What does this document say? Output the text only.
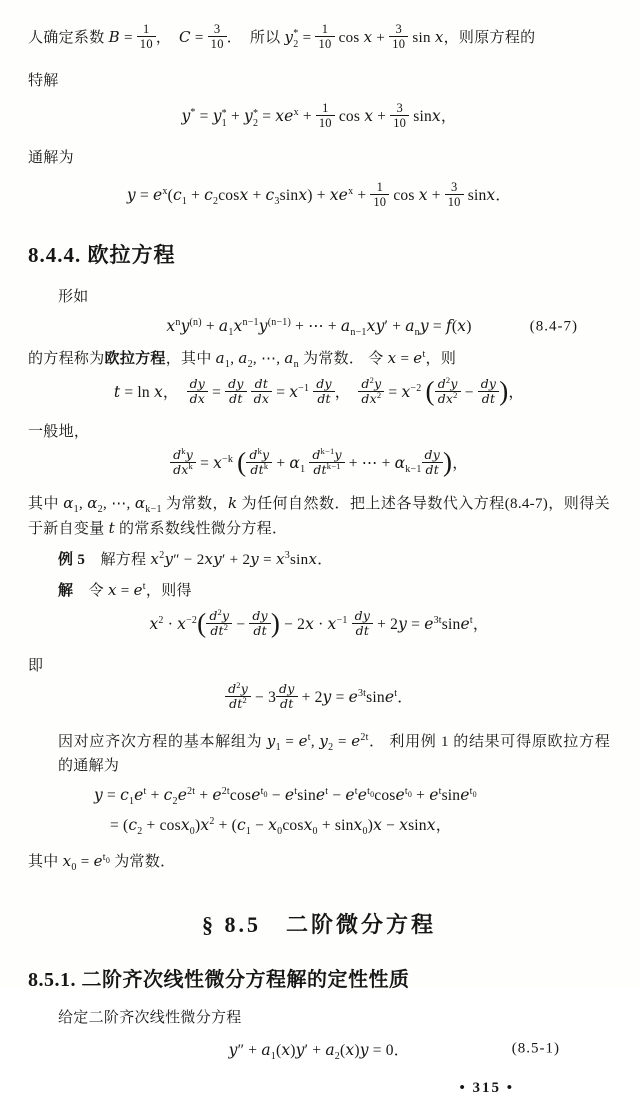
人确定系数 $B = \frac{1}{10}$ ，　$C = \frac{3}{10}$ ．　所以 y *
$2 = \frac{1}{10}$ $\cos x + \frac{3}{10}$ sin x，则原方程的

特解

y* = y *
1 + y *
$2 = xe^x + \frac{1}{10}$ $\cos x + \frac{3}{10}$ sinx，

通解为

$y = e^x(c_1 + c_2\cos x + c_3\sin x) + xe^x + \frac{1}{10}$ $\cos x + \frac{3}{10}$ sinx．
8.4.4. 欧拉方程

形如

$x^ny^{(n)} + a_1x^{n-1}y^{(n-1)}$ + ⋯ + $a_{n-1}xy' + a_ny = f(x)$	(8.4-7)

的方程称为欧拉方程，其中 $a_1$, $a_2$, ⋯, $a_n$ 为常数． 令 $x = e^t$，则

t = ln x，　 $\frac{dy}{dx} = \frac{dy}{dt}$
$\frac{dt}{dx} = x^{-1} \frac{dy}{dt}$ ，　 $\frac{d^2y}{dx^2} = x^{-2}$ ( $\frac{d^2y}{dx^2} - \frac{dy}{dt}$ )，

一般地，

$d^ky$
$dx^k = x^{-k}$ ( $d^ky$
$dt^k + \alpha_1$
$d^{k-1}y$
$dt^{k-1}$ + ⋯ + $\alpha_{k-1} \frac{dy}{dt}$ )，

其中 $\alpha_1$, $\alpha_2$, ⋯, $\alpha_{k-1}$ 为常数，k 为任何自然数．把上述各导数代入方程(8.4-7)，则得关于新自变量 t 的常系数线性微分方程．

例 5　解方程 $x^2y'' - 2xy' + 2y = x^3\sin x$．

解　令 $x = e^t$，则得

$x^2 \cdot x^{-2}( \frac{d^2y}{dt^2} - \frac{dy}{dt}$ ) − $2x \cdot x^{-1} \frac{dy}{dt} + 2y = e^{3t}\sin e^t$，

即

$\frac{d^2y}{dt^2} - 3 \frac{dy}{dt} + 2y = e^{3t}\sin e^t$．

因对应齐次方程的基本解组为 $y_1 = e^t$, $y_2 = e^{2t}$． 利用例 1 的结果可得原欧拉方程的通解为

$y = c_1e^t + c_2e^{2t} + e^{2t}\cos e^{t_0} - e^t\sin e^t - e^te^{t_0}\cos e^{t_0} + e^t\sin e^{t_0}$
= $(c_2 + \cos x_0)x^2 + (c_1 - x_0\cos x_0 + \sin x_0)x - xsinx$，

其中 $x_0 = e^{t_0}$ 为常数．

§ 8.5　二阶微分方程
8.5.1. 二阶齐次线性微分方程解的定性性质

给定二阶齐次线性微分方程

$y'' + a_1(x)y' + a_2(x)y = 0$．	(8.5-1)
• 315 •
